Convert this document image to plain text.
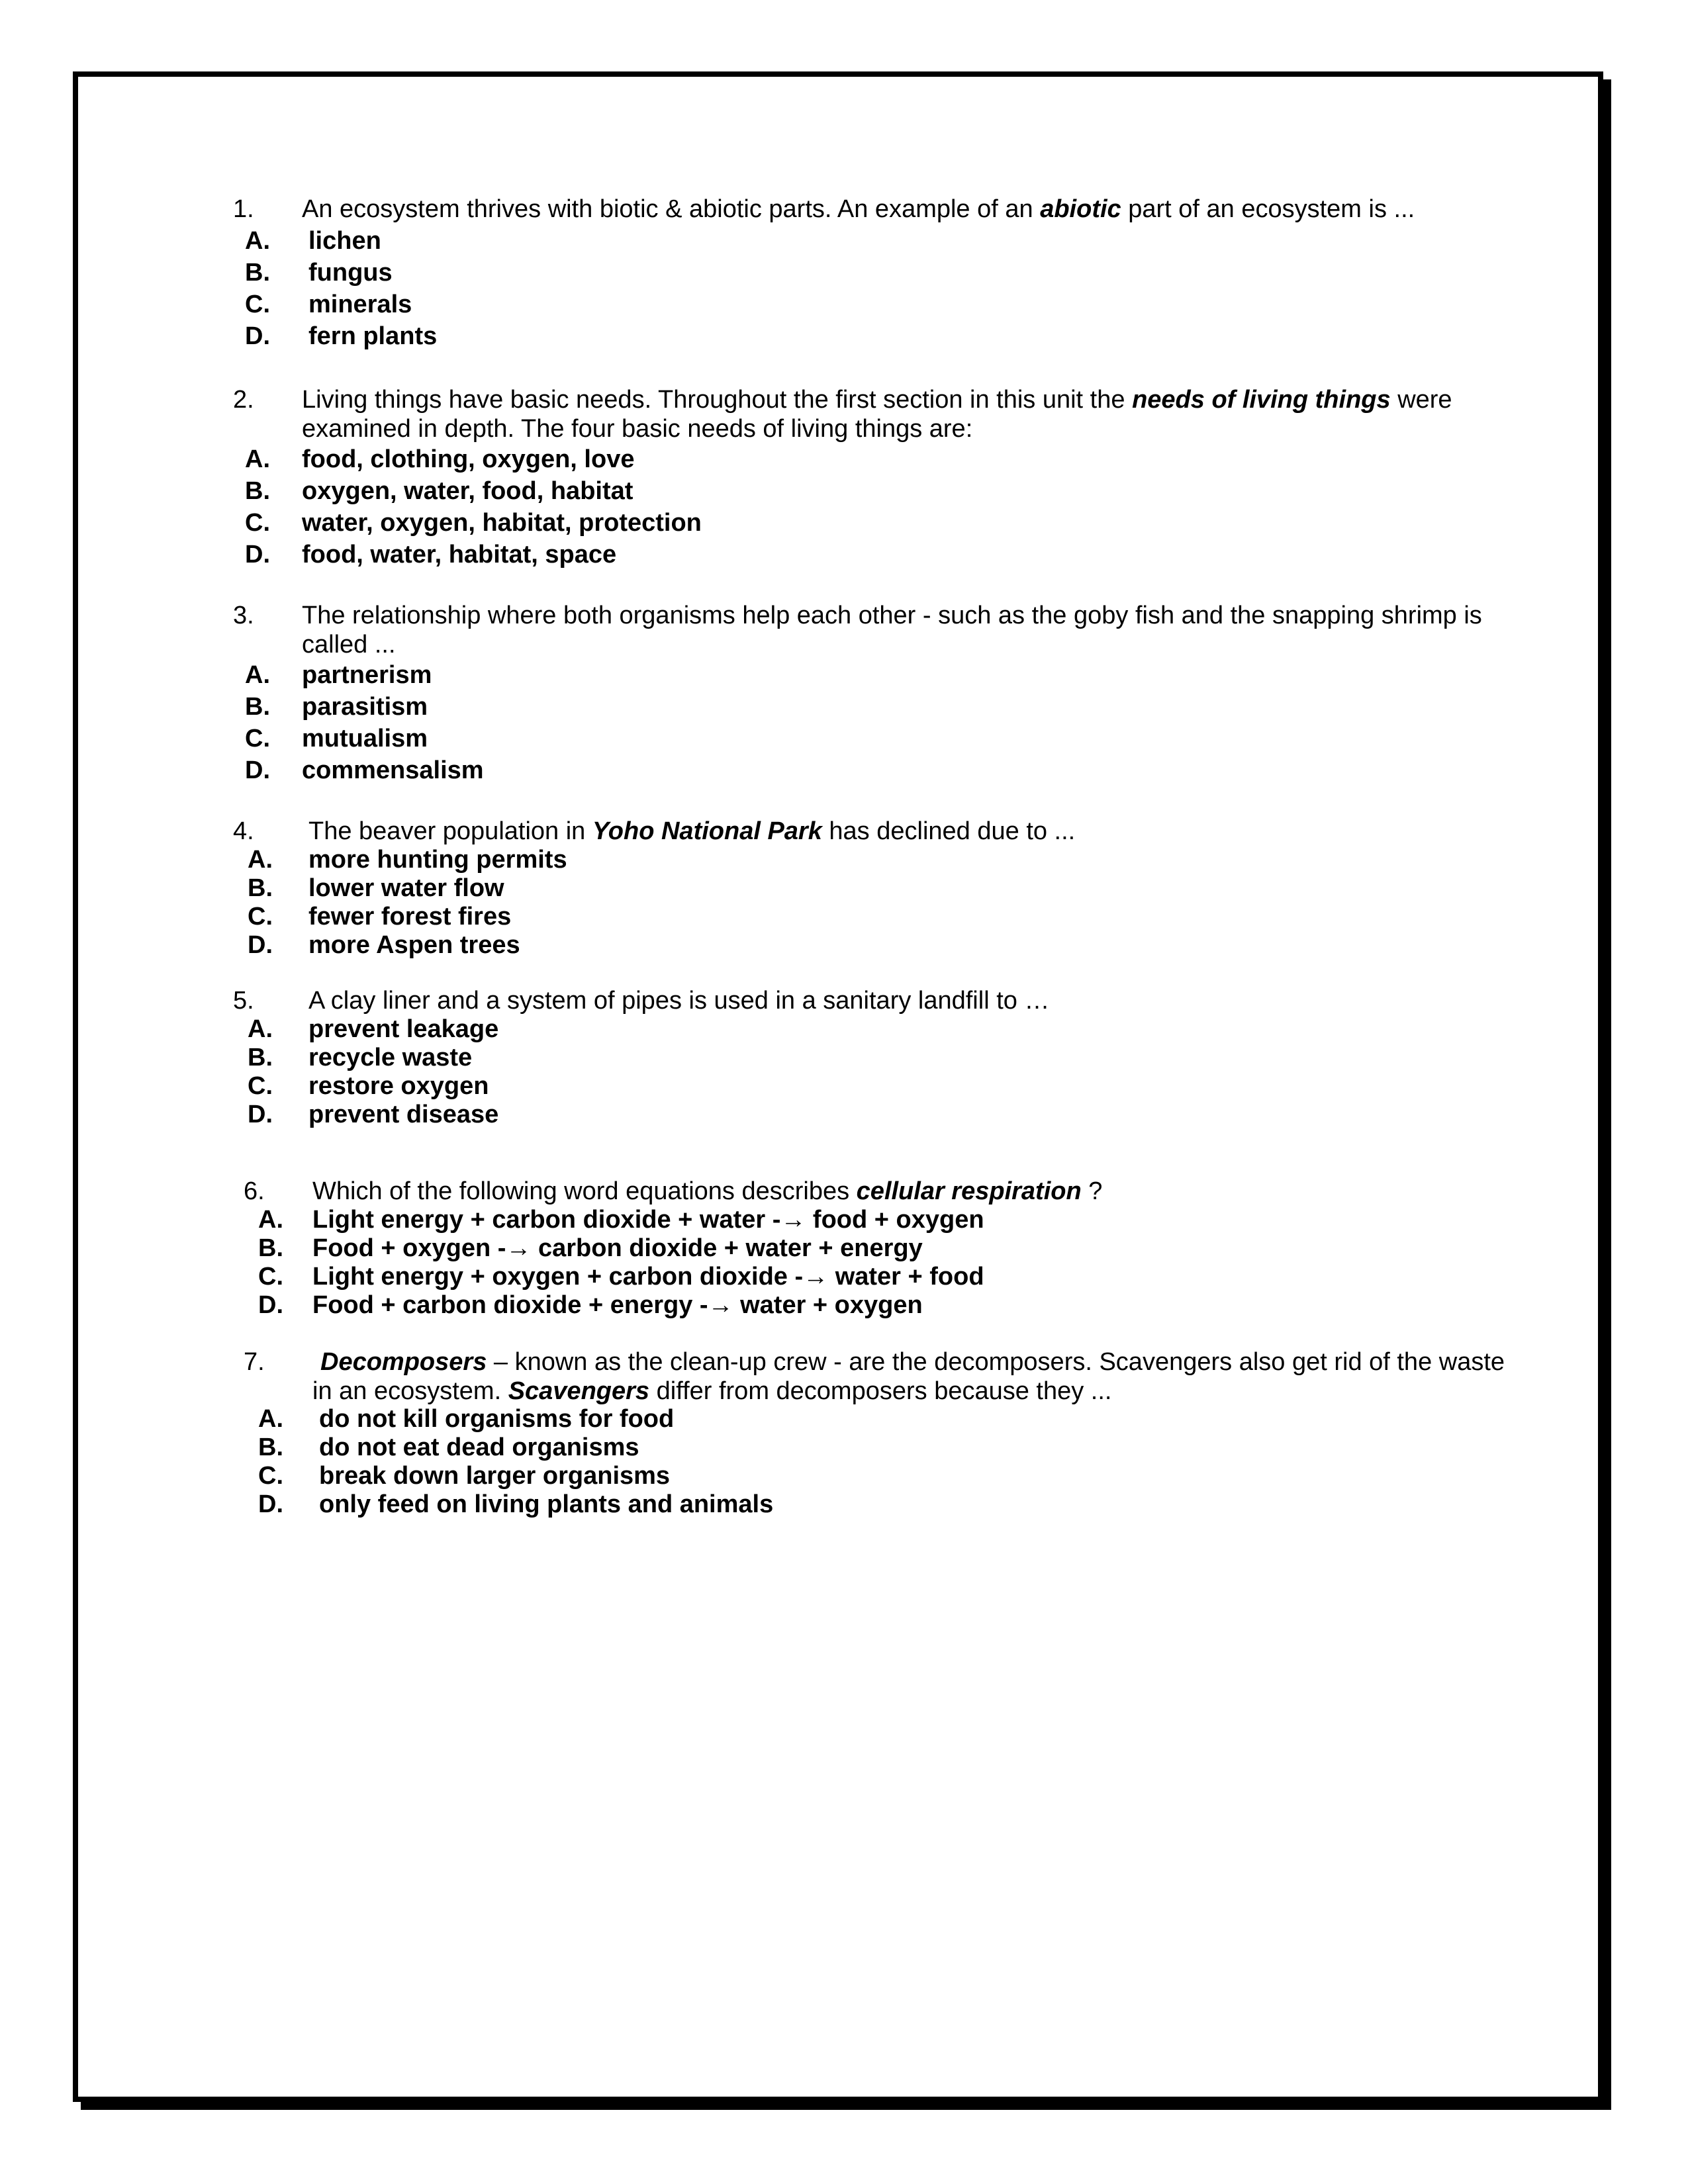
1. An ecosystem thrives with biotic & abiotic parts. An example of an abiotic part of an ecosystem is ...
A. lichen
B. fungus
C. minerals
D. fern plants
2. Living things have basic needs. Throughout the first section in this unit the needs of living things were examined in depth. The four basic needs of living things are:
A. food, clothing, oxygen, love
B. oxygen, water, food, habitat
C. water, oxygen, habitat, protection
D. food, water, habitat, space
3. The relationship where both organisms help each other - such as the goby fish and the snapping shrimp is called ...
A. partnerism
B. parasitism
C. mutualism
D. commensalism
4. The beaver population in Yoho National Park has declined due to ...
A. more hunting permits
B. lower water flow
C. fewer forest fires
D. more Aspen trees
5. A clay liner and a system of pipes is used in a sanitary landfill to …
A. prevent leakage
B. recycle waste
C. restore oxygen
D. prevent disease
6. Which of the following word equations describes cellular respiration ?
A. Light energy + carbon dioxide + water -→ food + oxygen
B. Food + oxygen -→ carbon dioxide + water + energy
C. Light energy + oxygen + carbon dioxide -→ water + food
D. Food + carbon dioxide + energy -→ water + oxygen
7.	Decomposers – known as the clean-up crew - are the decomposers. Scavengers also get rid of the waste in an ecosystem. Scavengers differ from decomposers because they ...
A. do not kill organisms for food
B. do not eat dead organisms
C. break down larger organisms
D. only feed on living plants and animals
